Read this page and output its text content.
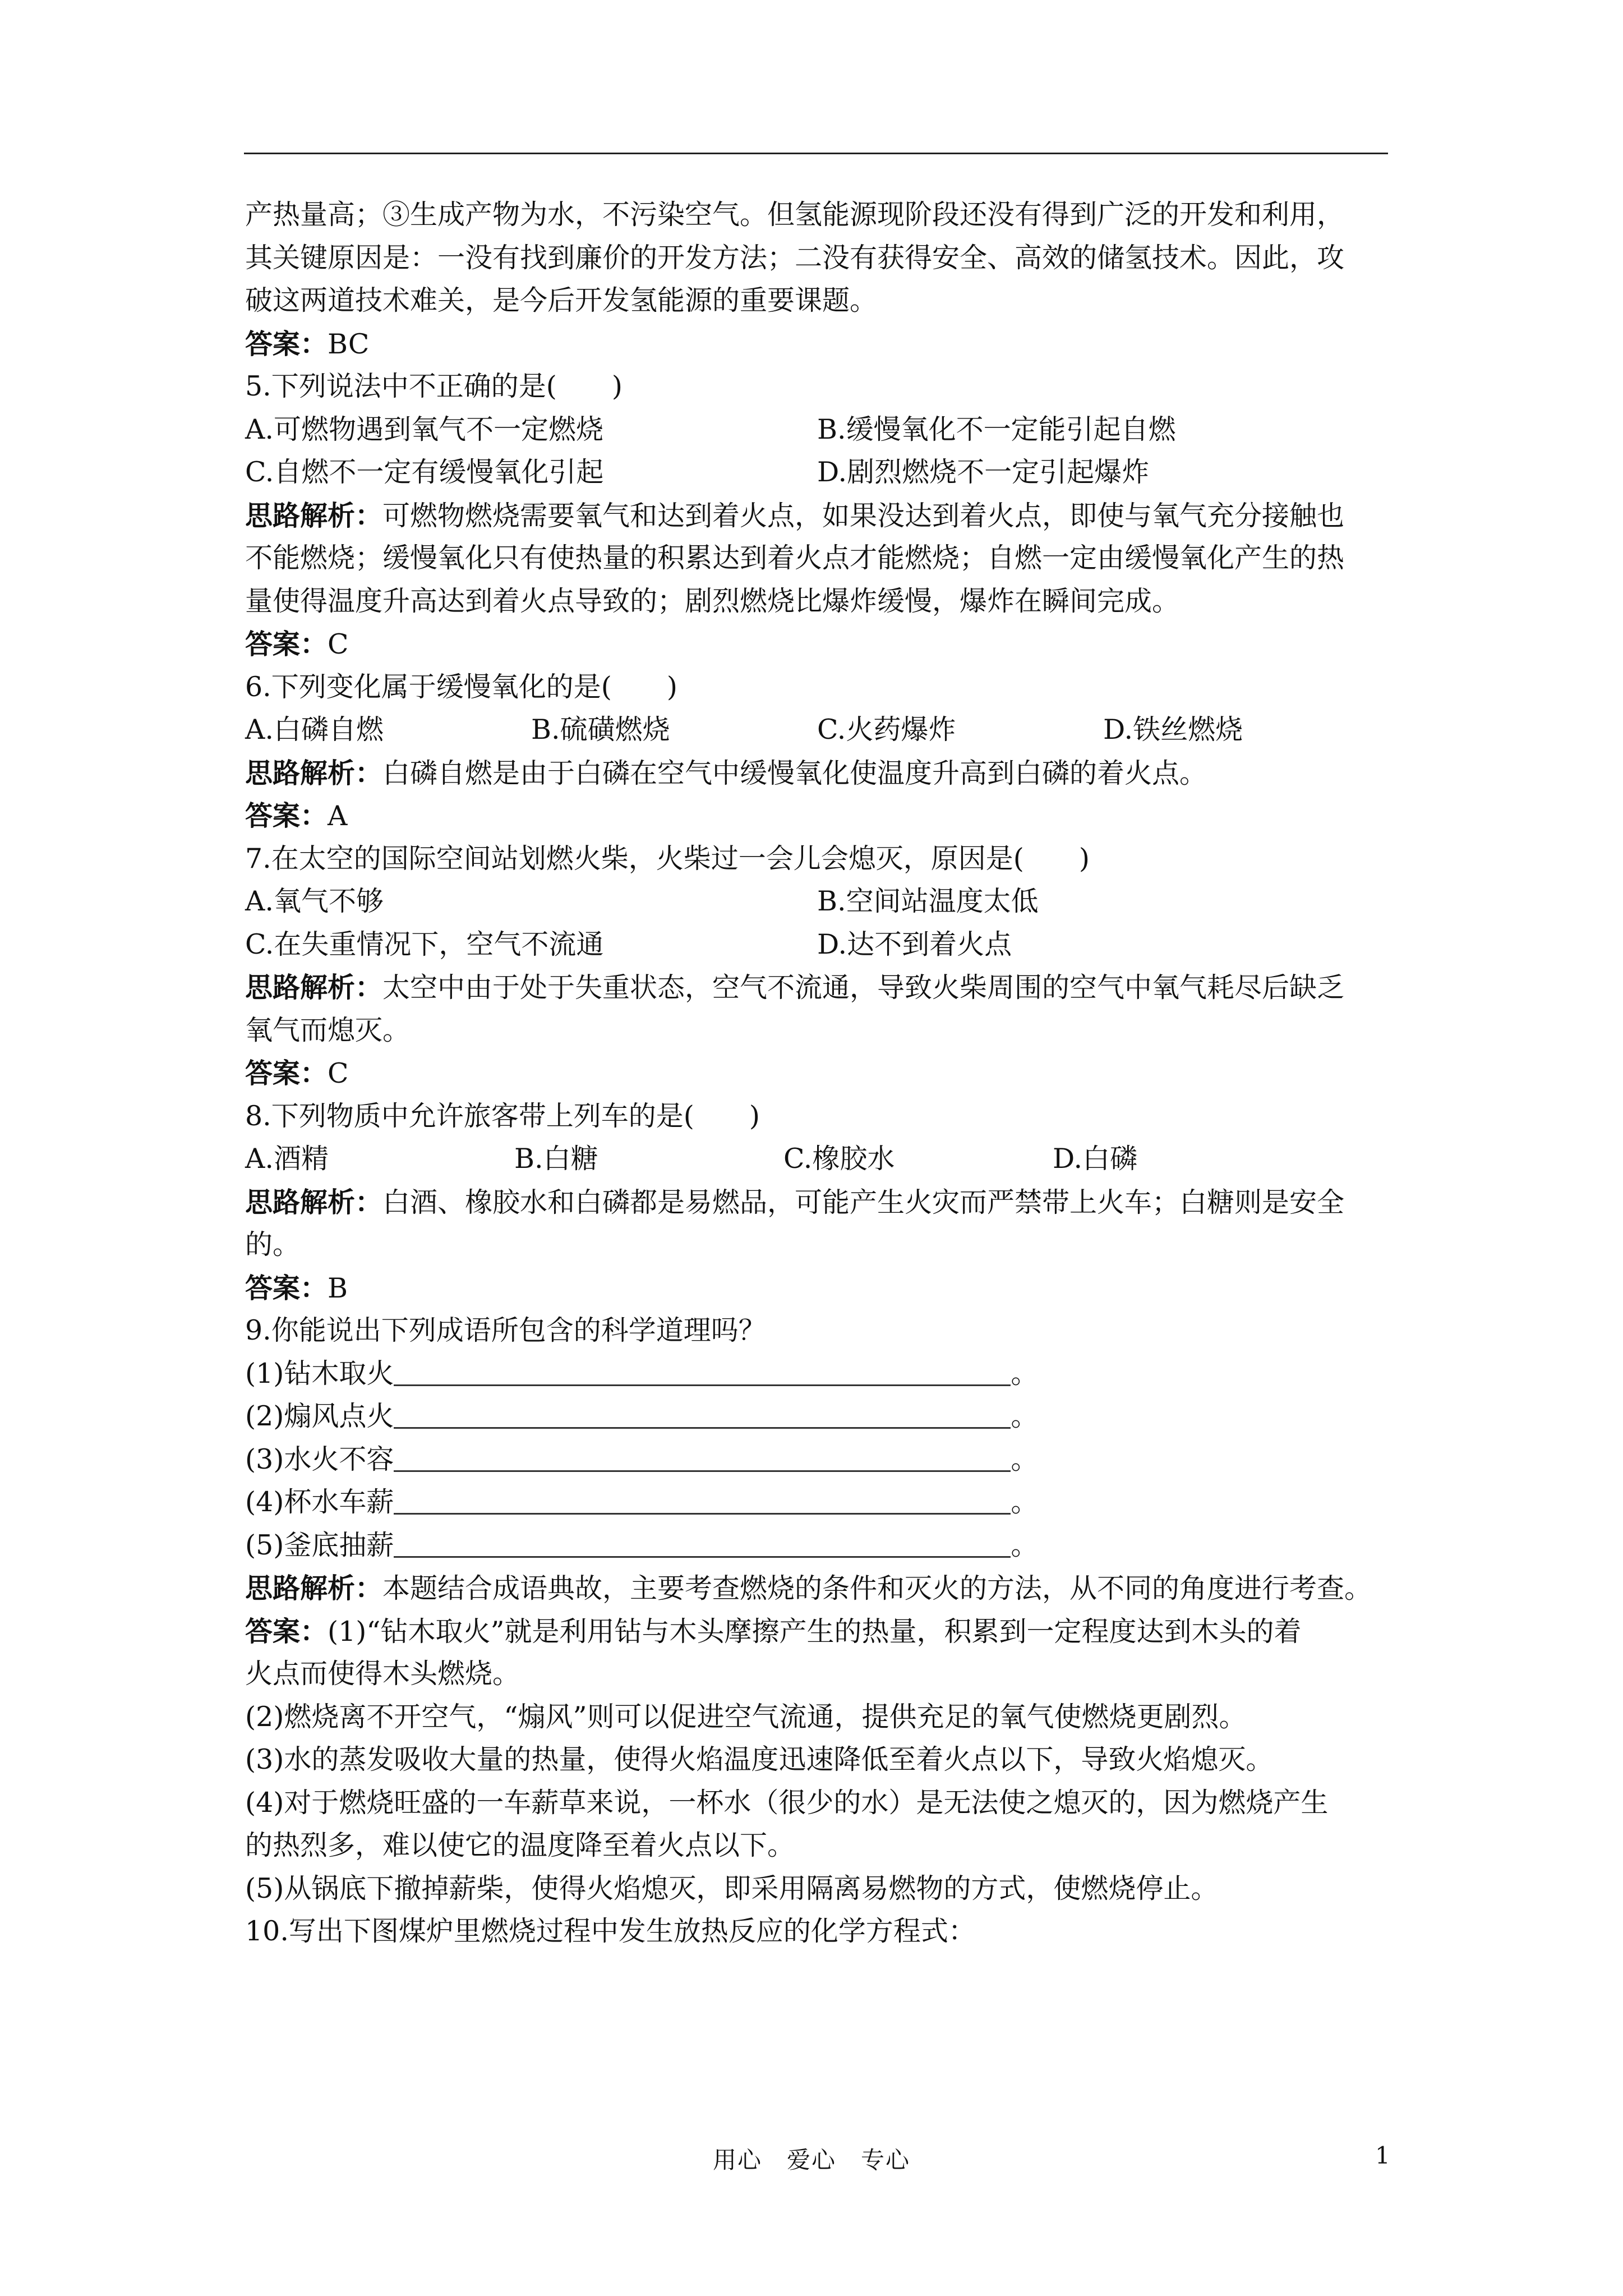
产热量高；③生成产物为水，不污染空气。但氢能源现阶段还没有得到广泛的开发和利用，
其关键原因是：一没有找到廉价的开发方法；二没有获得安全、高效的储氢技术。因此，攻
破这两道技术难关，是今后开发氢能源的重要课题。
答案：BC
5.下列说法中不正确的是(　　)
A.可燃物遇到氧气不一定燃烧	B.缓慢氧化不一定能引起自燃
C.自燃不一定有缓慢氧化引起	D.剧烈燃烧不一定引起爆炸
思路解析：可燃物燃烧需要氧气和达到着火点，如果没达到着火点，即使与氧气充分接触也
不能燃烧；缓慢氧化只有使热量的积累达到着火点才能燃烧；自燃一定由缓慢氧化产生的热
量使得温度升高达到着火点导致的；剧烈燃烧比爆炸缓慢，爆炸在瞬间完成。
答案：C
6.下列变化属于缓慢氧化的是(　　)
A.白磷自燃	B.硫磺燃烧	C.火药爆炸	D.铁丝燃烧
思路解析：白磷自燃是由于白磷在空气中缓慢氧化使温度升高到白磷的着火点。
答案：A
7.在太空的国际空间站划燃火柴，火柴过一会儿会熄灭，原因是(　　)
A.氧气不够	B.空间站温度太低
C.在失重情况下，空气不流通	D.达不到着火点
思路解析：太空中由于处于失重状态，空气不流通，导致火柴周围的空气中氧气耗尽后缺乏
氧气而熄灭。
答案：C
8.下列物质中允许旅客带上列车的是(　　)
A.酒精	B.白糖	C.橡胶水	D.白磷
思路解析：白酒、橡胶水和白磷都是易燃品，可能产生火灾而严禁带上火车；白糖则是安全
的。
答案：B
9.你能说出下列成语所包含的科学道理吗？
(1)钻木取火	。
(2)煽风点火	。
(3)水火不容	。
(4)杯水车薪	。
(5)釜底抽薪	。
思路解析：本题结合成语典故，主要考查燃烧的条件和灭火的方法，从不同的角度进行考查。
答案：(1)“钻木取火”就是利用钻与木头摩擦产生的热量，积累到一定程度达到木头的着
火点而使得木头燃烧。
(2)燃烧离不开空气，“煽风”则可以促进空气流通，提供充足的氧气使燃烧更剧烈。
(3)水的蒸发吸收大量的热量，使得火焰温度迅速降低至着火点以下，导致火焰熄灭。
(4)对于燃烧旺盛的一车薪草来说，一杯水（很少的水）是无法使之熄灭的，因为燃烧产生
的热烈多，难以使它的温度降至着火点以下。
(5)从锅底下撤掉薪柴，使得火焰熄灭，即采用隔离易燃物的方式，使燃烧停止。
10.写出下图煤炉里燃烧过程中发生放热反应的化学方程式：
用心　爱心　专心	1
